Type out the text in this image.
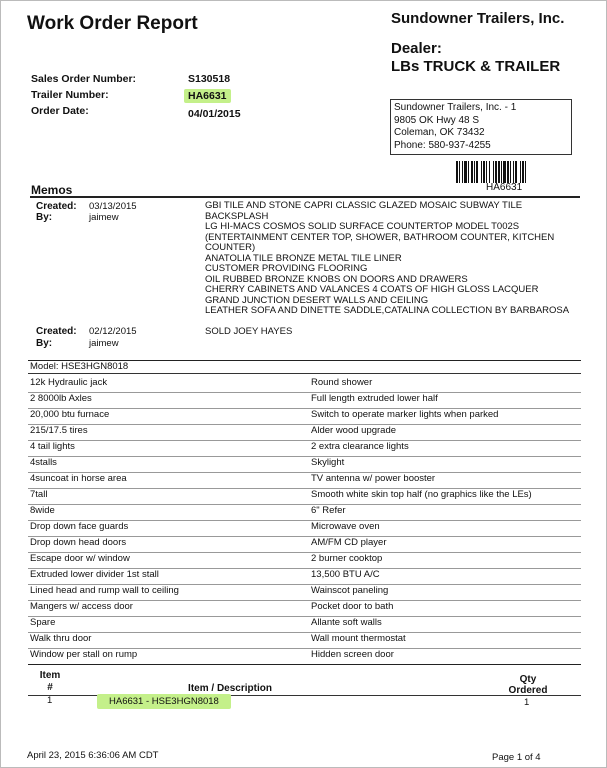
Work Order Report	Sundowner Trailers, Inc.
Dealer:
LBs TRUCK & TRAILER
Sales Order Number:	S130518
Trailer Number:	HA6631
Order Date:	04/01/2015
Sundowner Trailers, Inc. - 1
9805 OK Hwy 48 S
Coleman, OK 73432
Phone: 580-937-4255
HA6631
Memos
Created: 03/13/2015
By:	jaimew
GBI TILE AND STONE CAPRI CLASSIC GLAZED MOSAIC SUBWAY TILE
BACKSPLASH
LG HI-MACS COSMOS SOLID SURFACE COUNTERTOP MODEL T002S
(ENTERTAINMENT CENTER TOP, SHOWER, BATHROOM COUNTER, KITCHEN
COUNTER)
ANATOLIA TILE BRONZE METAL TILE LINER
CUSTOMER PROVIDING FLOORING
OIL RUBBED BRONZE KNOBS ON DOORS AND DRAWERS
CHERRY CABINETS AND VALANCES 4 COATS OF HIGH GLOSS LACQUER
GRAND JUNCTION DESERT WALLS AND CEILING
LEATHER SOFA AND DINETTE SADDLE,CATALINA COLLECTION BY BARBAROSA
Created: 02/12/2015
By:	jaimew
SOLD JOEY HAYES
Model: HSE3HGN8018
12k Hydraulic jack	Round shower
2 8000lb Axles	Full length extruded lower half
20,000 btu furnace	Switch to operate marker lights when parked
215/17.5 tires	Alder wood upgrade
4 tail lights	2 extra clearance lights
4stalls	Skylight
4suncoat in horse area	TV antenna w/ power booster
7tall	Smooth white skin top half (no graphics like the LEs)
8wide	6" Refer
Drop down face guards	Microwave oven
Drop down head doors	AM/FM CD player
Escape door w/ window	2 burner cooktop
Extruded lower divider 1st stall	13,500 BTU A/C
Lined head and rump wall to ceiling	Wainscot paneling
Mangers w/ access door	Pocket door to bath
Spare	Allante soft walls
Walk thru door	Wall mount thermostat
Window per stall on rump	Hidden screen door
Item
#	Item / Description
Qty
Ordered
1	HA6631 - HSE3HGN8018	1
April 23, 2015 6:36:06 AM CDT	Page 1 of 4
